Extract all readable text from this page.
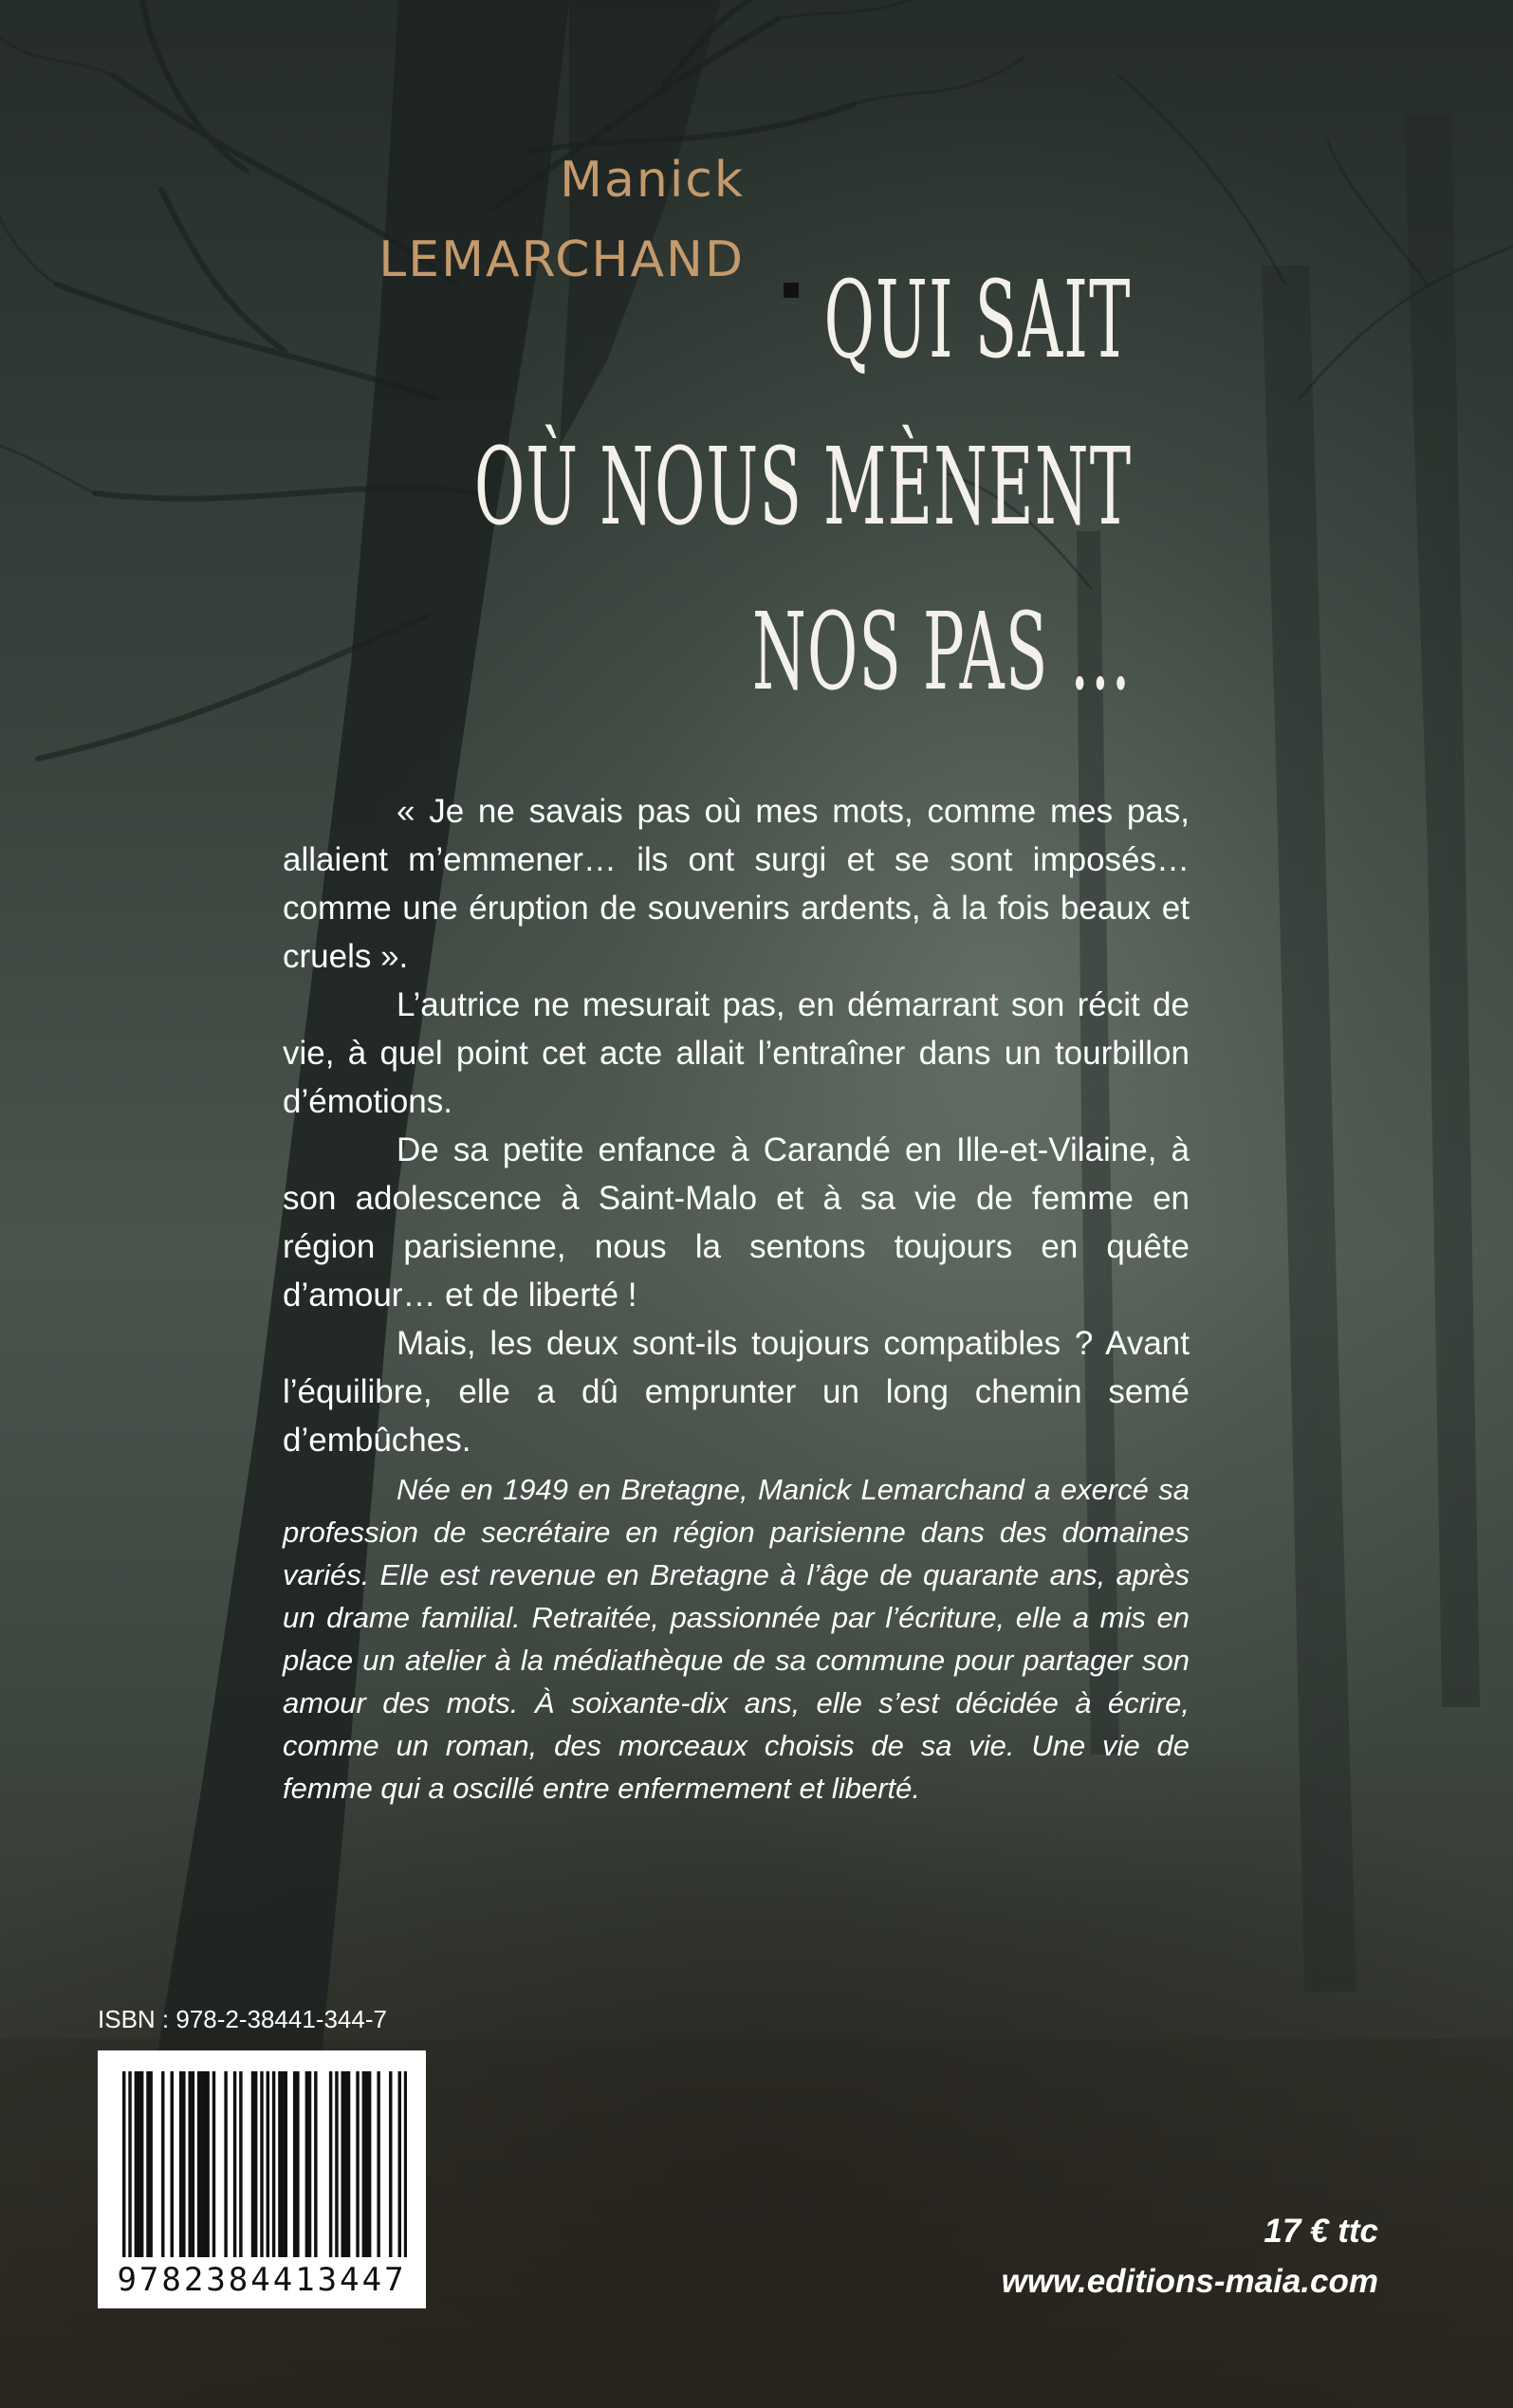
Manick
LEMARCHAND QUI SAIT
OÙ NOUS MÈNENT
NOS PAS …

« Je ne savais pas où mes mots, comme mes pas, allaient m’emmener… ils ont surgi et se sont imposés… comme une éruption de souvenirs ardents, à la fois beaux et cruels ».

L’autrice ne mesurait pas, en démarrant son récit de vie, à quel point cet acte allait l’entraîner dans un tourbillon d’émotions.

De sa petite enfance à Carandé en Ille-et-Vilaine, à son adolescence à Saint-Malo et à sa vie de femme en région parisienne, nous la sentons toujours en quête d’amour… et de liberté !

Mais, les deux sont-ils toujours compatibles ? Avant l’équilibre, elle a dû emprunter un long chemin semé d’embûches.

Née en 1949 en Bretagne, Manick Lemarchand a exercé sa profession de secrétaire en région parisienne dans des domaines variés. Elle est revenue en Bretagne à l’âge de quarante ans, après un drame familial. Retraitée, passionnée par l’écriture, elle a mis en place un atelier à la médiathèque de sa commune pour partager son amour des mots. À soixante-dix ans, elle s’est décidée à écrire, comme un roman, des morceaux choisis de sa vie. Une vie de femme qui a oscillé entre enfermement et liberté.

ISBN : 978-2-38441-344-7
9782384413447
17 € ttc
www.editions-maia.com
